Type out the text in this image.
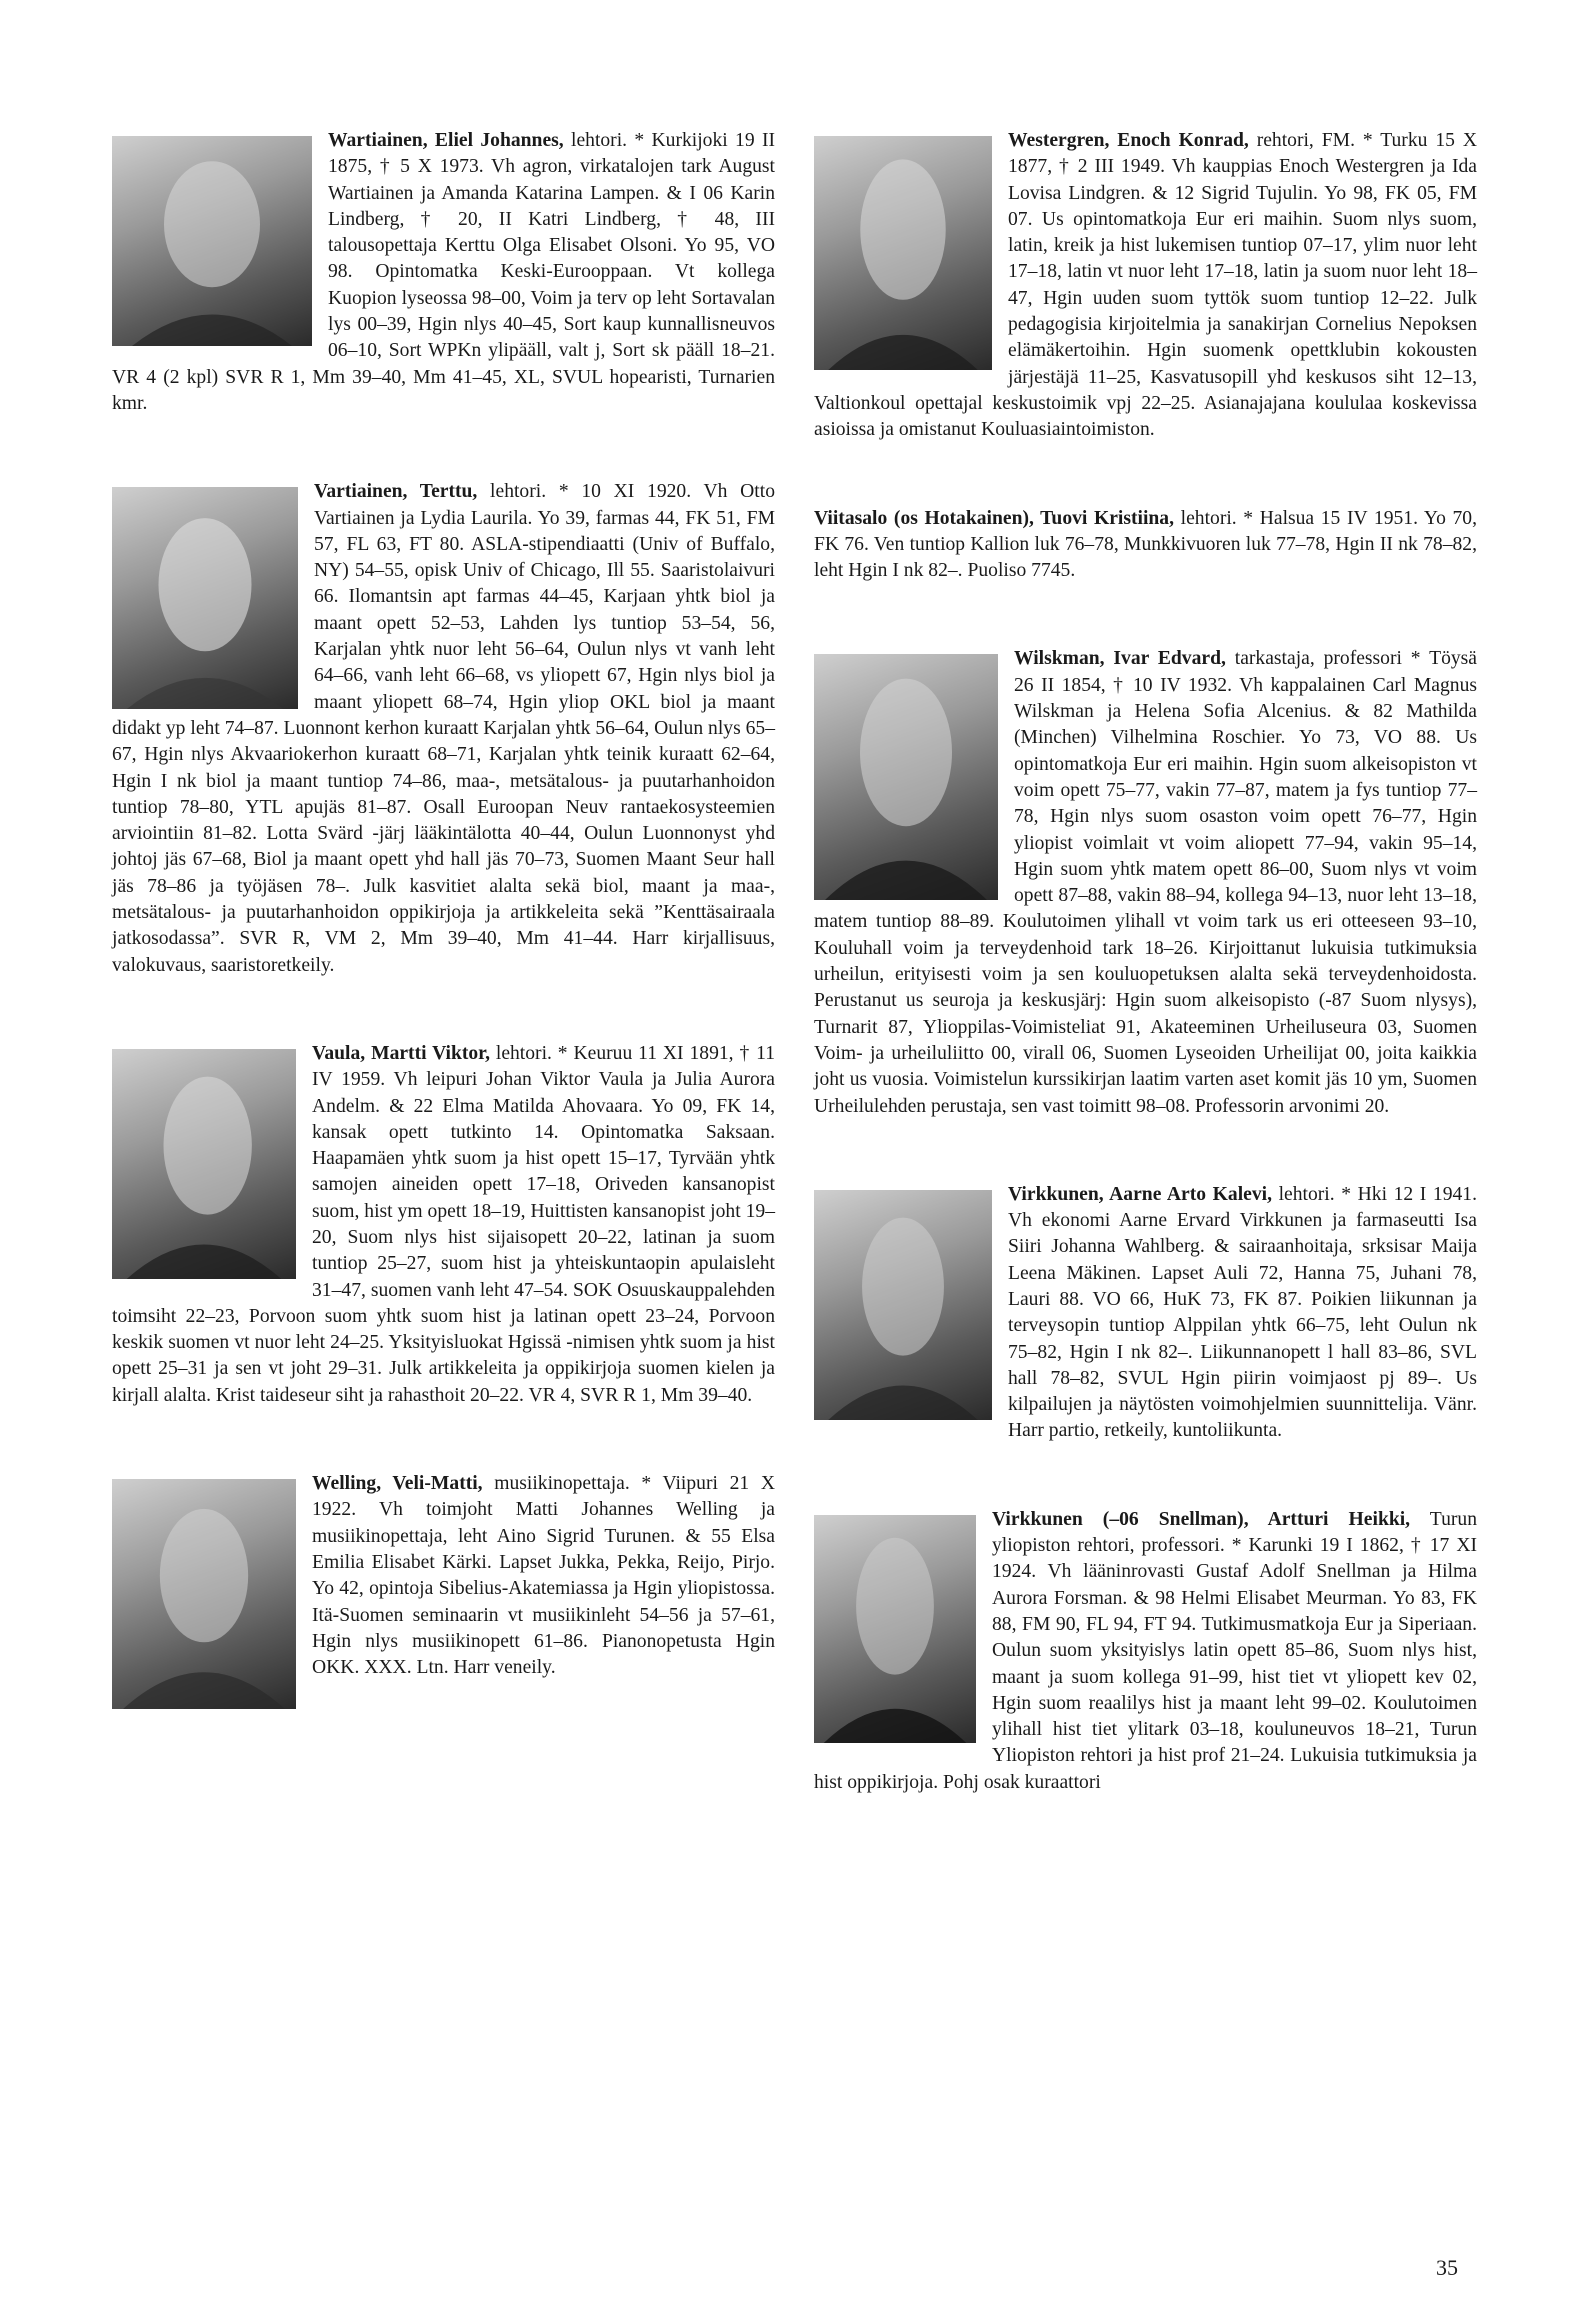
Wartiainen, Eliel Johannes, lehtori. * Kurkijoki 19 II 1875, † 5 X 1973. Vh agron, virkatalojen tark August Wartiainen ja Amanda Katarina Lampen. & I 06 Karin Lindberg, † 20, II Katri Lindberg, † 48, III talousopettaja Kerttu Olga Elisabet Olsoni. Yo 95, VO 98. Opintomatka Keski-Eurooppaan. Vt kollega Kuopion lyseossa 98–00, Voim ja terv op leht Sortavalan lys 00–39, Hgin nlys 40–45, Sort kaup kunnallisneuvos 06–10, Sort WPKn ylipääll, valt j, Sort sk pääll 18–21. VR 4 (2 kpl) SVR R 1, Mm 39–40, Mm 41–45, XL, SVUL hopearisti, Turnarien kmr.
Vartiainen, Terttu, lehtori. * 10 XI 1920. Vh Otto Vartiainen ja Lydia Laurila. Yo 39, farmas 44, FK 51, FM 57, FL 63, FT 80. ASLA-stipendiaatti (Univ of Buffalo, NY) 54–55, opisk Univ of Chicago, Ill 55. Saaristolaivuri 66. Ilomantsin apt farmas 44–45, Karjaan yhtk biol ja maant opett 52–53, Lahden lys tuntiop 53–54, 56, Karjalan yhtk nuor leht 56–64, Oulun nlys vt vanh leht 64–66, vanh leht 66–68, vs yliopett 67, Hgin nlys biol ja maant yliopett 68–74, Hgin yliop OKL biol ja maant didakt yp leht 74–87. Luonnont kerhon kuraatt Karjalan yhtk 56–64, Oulun nlys 65–67, Hgin nlys Akvaariokerhon kuraatt 68–71, Karjalan yhtk teinik kuraatt 62–64, Hgin I nk biol ja maant tuntiop 74–86, maa-, metsätalous- ja puutarhanhoidon tuntiop 78–80, YTL apujäs 81–87. Osall Euroopan Neuv rantaekosysteemien arviointiin 81–82. Lotta Svärd -järj lääkintälotta 40–44, Oulun Luonnonyst yhd johtoj jäs 67–68, Biol ja maant opett yhd hall jäs 70–73, Suomen Maant Seur hall jäs 78–86 ja työjäsen 78–. Julk kasvitiet alalta sekä biol, maant ja maa-, metsätalous- ja puutarhanhoidon oppikirjoja ja artikkeleita sekä ”Kenttäsairaala jatkosodassa”. SVR R, VM 2, Mm 39–40, Mm 41–44. Harr kirjallisuus, valokuvaus, saaristoretkeily.
Vaula, Martti Viktor, lehtori. * Keuruu 11 XI 1891, † 11 IV 1959. Vh leipuri Johan Viktor Vaula ja Julia Aurora Andelm. & 22 Elma Matilda Ahovaara. Yo 09, FK 14, kansak opett tutkinto 14. Opintomatka Saksaan. Haapamäen yhtk suom ja hist opett 15–17, Tyrvään yhtk samojen aineiden opett 17–18, Oriveden kansanopist suom, hist ym opett 18–19, Huittisten kansanopist joht 19–20, Suom nlys hist sijaisopett 20–22, latinan ja suom tuntiop 25–27, suom hist ja yhteiskuntaopin apulaisleht 31–47, suomen vanh leht 47–54. SOK Osuuskauppalehden toimsiht 22–23, Porvoon suom yhtk suom hist ja latinan opett 23–24, Porvoon keskik suomen vt nuor leht 24–25. Yksityisluokat Hgissä -nimisen yhtk suom ja hist opett 25–31 ja sen vt joht 29–31. Julk artikkeleita ja oppikirjoja suomen kielen ja kirjall alalta. Krist taideseur siht ja rahasthoit 20–22. VR 4, SVR R 1, Mm 39–40.
Welling, Veli-Matti, musiikinopettaja. * Viipuri 21 X 1922. Vh toimjoht Matti Johannes Welling ja musiikinopettaja, leht Aino Sigrid Turunen. & 55 Elsa Emilia Elisabet Kärki. Lapset Jukka, Pekka, Reijo, Pirjo. Yo 42, opintoja Sibelius-Akatemiassa ja Hgin yliopistossa. Itä-Suomen seminaarin vt musiikinleht 54–56 ja 57–61, Hgin nlys musiikinopett 61–86. Pianonopetusta Hgin OKK. XXX. Ltn. Harr veneily.
Westergren, Enoch Konrad, rehtori, FM. * Turku 15 X 1877, † 2 III 1949. Vh kauppias Enoch Westergren ja Ida Lovisa Lindgren. & 12 Sigrid Tujulin. Yo 98, FK 05, FM 07. Us opintomatkoja Eur eri maihin. Suom nlys suom, latin, kreik ja hist lukemisen tuntiop 07–17, ylim nuor leht 17–18, latin vt nuor leht 17–18, latin ja suom nuor leht 18–47, Hgin uuden suom tyttök suom tuntiop 12–22. Julk pedagogisia kirjoitelmia ja sanakirjan Cornelius Nepoksen elämäkertoihin. Hgin suomenk opettklubin kokousten järjestäjä 11–25, Kasvatusopill yhd keskusos siht 12–13, Valtionkoul opettajal keskustoimik vpj 22–25. Asianajajana koululaa koskevissa asioissa ja omistanut Kouluasiaintoimiston.
Viitasalo (os Hotakainen), Tuovi Kristiina, lehtori. * Halsua 15 IV 1951. Yo 70, FK 76. Ven tuntiop Kallion luk 76–78, Munkkivuoren luk 77–78, Hgin II nk 78–82, leht Hgin I nk 82–. Puoliso 7745.
Wilskman, Ivar Edvard, tarkastaja, professori * Töysä 26 II 1854, † 10 IV 1932. Vh kappalainen Carl Magnus Wilskman ja Helena Sofia Alcenius. & 82 Mathilda (Minchen) Vilhelmina Roschier. Yo 73, VO 88. Us opintomatkoja Eur eri maihin. Hgin suom alkeisopiston vt voim opett 75–77, vakin 77–87, matem ja fys tuntiop 77–78, Hgin nlys suom osaston voim opett 76–77, Hgin yliopist voimlait vt voim aliopett 77–94, vakin 95–14, Hgin suom yhtk matem opett 86–00, Suom nlys vt voim opett 87–88, vakin 88–94, kollega 94–13, nuor leht 13–18, matem tuntiop 88–89. Koulutoimen ylihall vt voim tark us eri otteeseen 93–10, Kouluhall voim ja terveydenhoid tark 18–26. Kirjoittanut lukuisia tutkimuksia urheilun, erityisesti voim ja sen kouluopetuksen alalta sekä terveydenhoidosta. Perustanut us seuroja ja keskusjärj: Hgin suom alkeisopisto (-87 Suom nlysys), Turnarit 87, Ylioppilas-Voimisteliat 91, Akateeminen Urheiluseura 03, Suomen Voim- ja urheiluliitto 00, virall 06, Suomen Lyseoiden Urheilijat 00, joita kaikkia joht us vuosia. Voimistelun kurssikirjan laatim varten aset komit jäs 10 ym, Suomen Urheilulehden perustaja, sen vast toimitt 98–08. Professorin arvonimi 20.
Virkkunen, Aarne Arto Kalevi, lehtori. * Hki 12 I 1941. Vh ekonomi Aarne Ervard Virkkunen ja farmaseutti Isa Siiri Johanna Wahlberg. & sairaanhoitaja, srksisar Maija Leena Mäkinen. Lapset Auli 72, Hanna 75, Juhani 78, Lauri 88. VO 66, HuK 73, FK 87. Poikien liikunnan ja terveysopin tuntiop Alppilan yhtk 66–75, leht Oulun nk 75–82, Hgin I nk 82–. Liikunnanopett l hall 83–86, SVL hall 78–82, SVUL Hgin piirin voimjaost pj 89–. Us kilpailujen ja näytösten voimohjelmien suunnittelija. Vänr. Harr partio, retkeily, kuntoliikunta.
Virkkunen (–06 Snellman), Artturi Heikki, Turun yliopiston rehtori, professori. * Karunki 19 I 1862, † 17 XI 1924. Vh lääninrovasti Gustaf Adolf Snellman ja Hilma Aurora Forsman. & 98 Helmi Elisabet Meurman. Yo 83, FK 88, FM 90, FL 94, FT 94. Tutkimusmatkoja Eur ja Siperiaan. Oulun suom yksityislys latin opett 85–86, Suom nlys hist, maant ja suom kollega 91–99, hist tiet vt yliopett kev 02, Hgin suom reaalilys hist ja maant leht 99–02. Koulutoimen ylihall hist tiet ylitark 03–18, kouluneuvos 18–21, Turun Yliopiston rehtori ja hist prof 21–24. Lukuisia tutkimuksia ja hist oppikirjoja. Pohj osak kuraattori
35
